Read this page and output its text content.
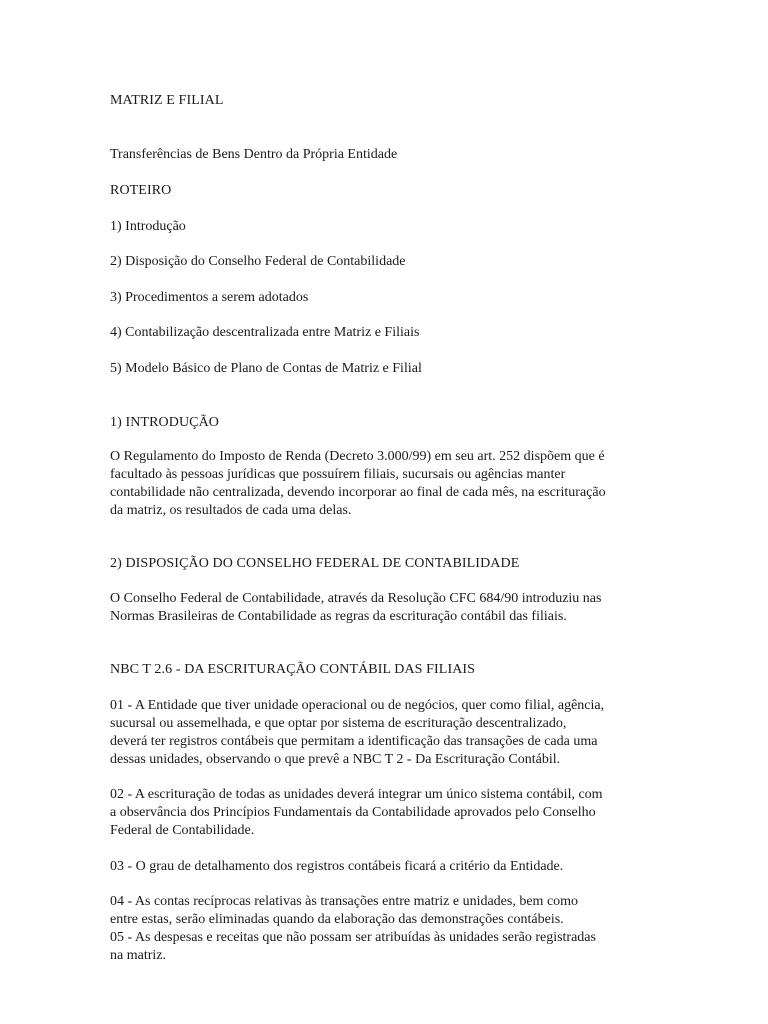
MATRIZ E FILIAL
Transferências de Bens Dentro da Própria Entidade
ROTEIRO
1) Introdução
2) Disposição do Conselho Federal de Contabilidade
3) Procedimentos a serem adotados
4) Contabilização descentralizada entre Matriz e Filiais
5) Modelo Básico de Plano de Contas de Matriz e Filial
1) INTRODUÇÃO
O Regulamento do Imposto de Renda (Decreto 3.000/99) em seu art. 252 dispõem que é
facultado às pessoas jurídicas que possuírem filiais, sucursais ou agências manter
contabilidade não centralizada, devendo incorporar ao final de cada mês, na escrituração
da matriz, os resultados de cada uma delas.
2) DISPOSIÇÃO DO CONSELHO FEDERAL DE CONTABILIDADE
O Conselho Federal de Contabilidade, através da Resolução CFC 684/90 introduziu nas
Normas Brasileiras de Contabilidade as regras da escrituração contábil das filiais.
NBC T 2.6 - DA ESCRITURAÇÃO CONTÁBIL DAS FILIAIS
01 - A Entidade que tiver unidade operacional ou de negócios, quer como filial, agência,
sucursal ou assemelhada, e que optar por sistema de escrituração descentralizado,
deverá ter registros contábeis que permitam a identificação das transações de cada uma
dessas unidades, observando o que prevê a NBC T 2 - Da Escrituração Contábil.
02 - A escrituração de todas as unidades deverá integrar um único sistema contábil, com
a observância dos Princípios Fundamentais da Contabilidade aprovados pelo Conselho
Federal de Contabilidade.
03 - O grau de detalhamento dos registros contábeis ficará a critério da Entidade.
04 - As contas recíprocas relativas às transações entre matriz e unidades, bem como
entre estas, serão eliminadas quando da elaboração das demonstrações contábeis.
05 - As despesas e receitas que não possam ser atribuídas às unidades serão registradas
na matriz.
